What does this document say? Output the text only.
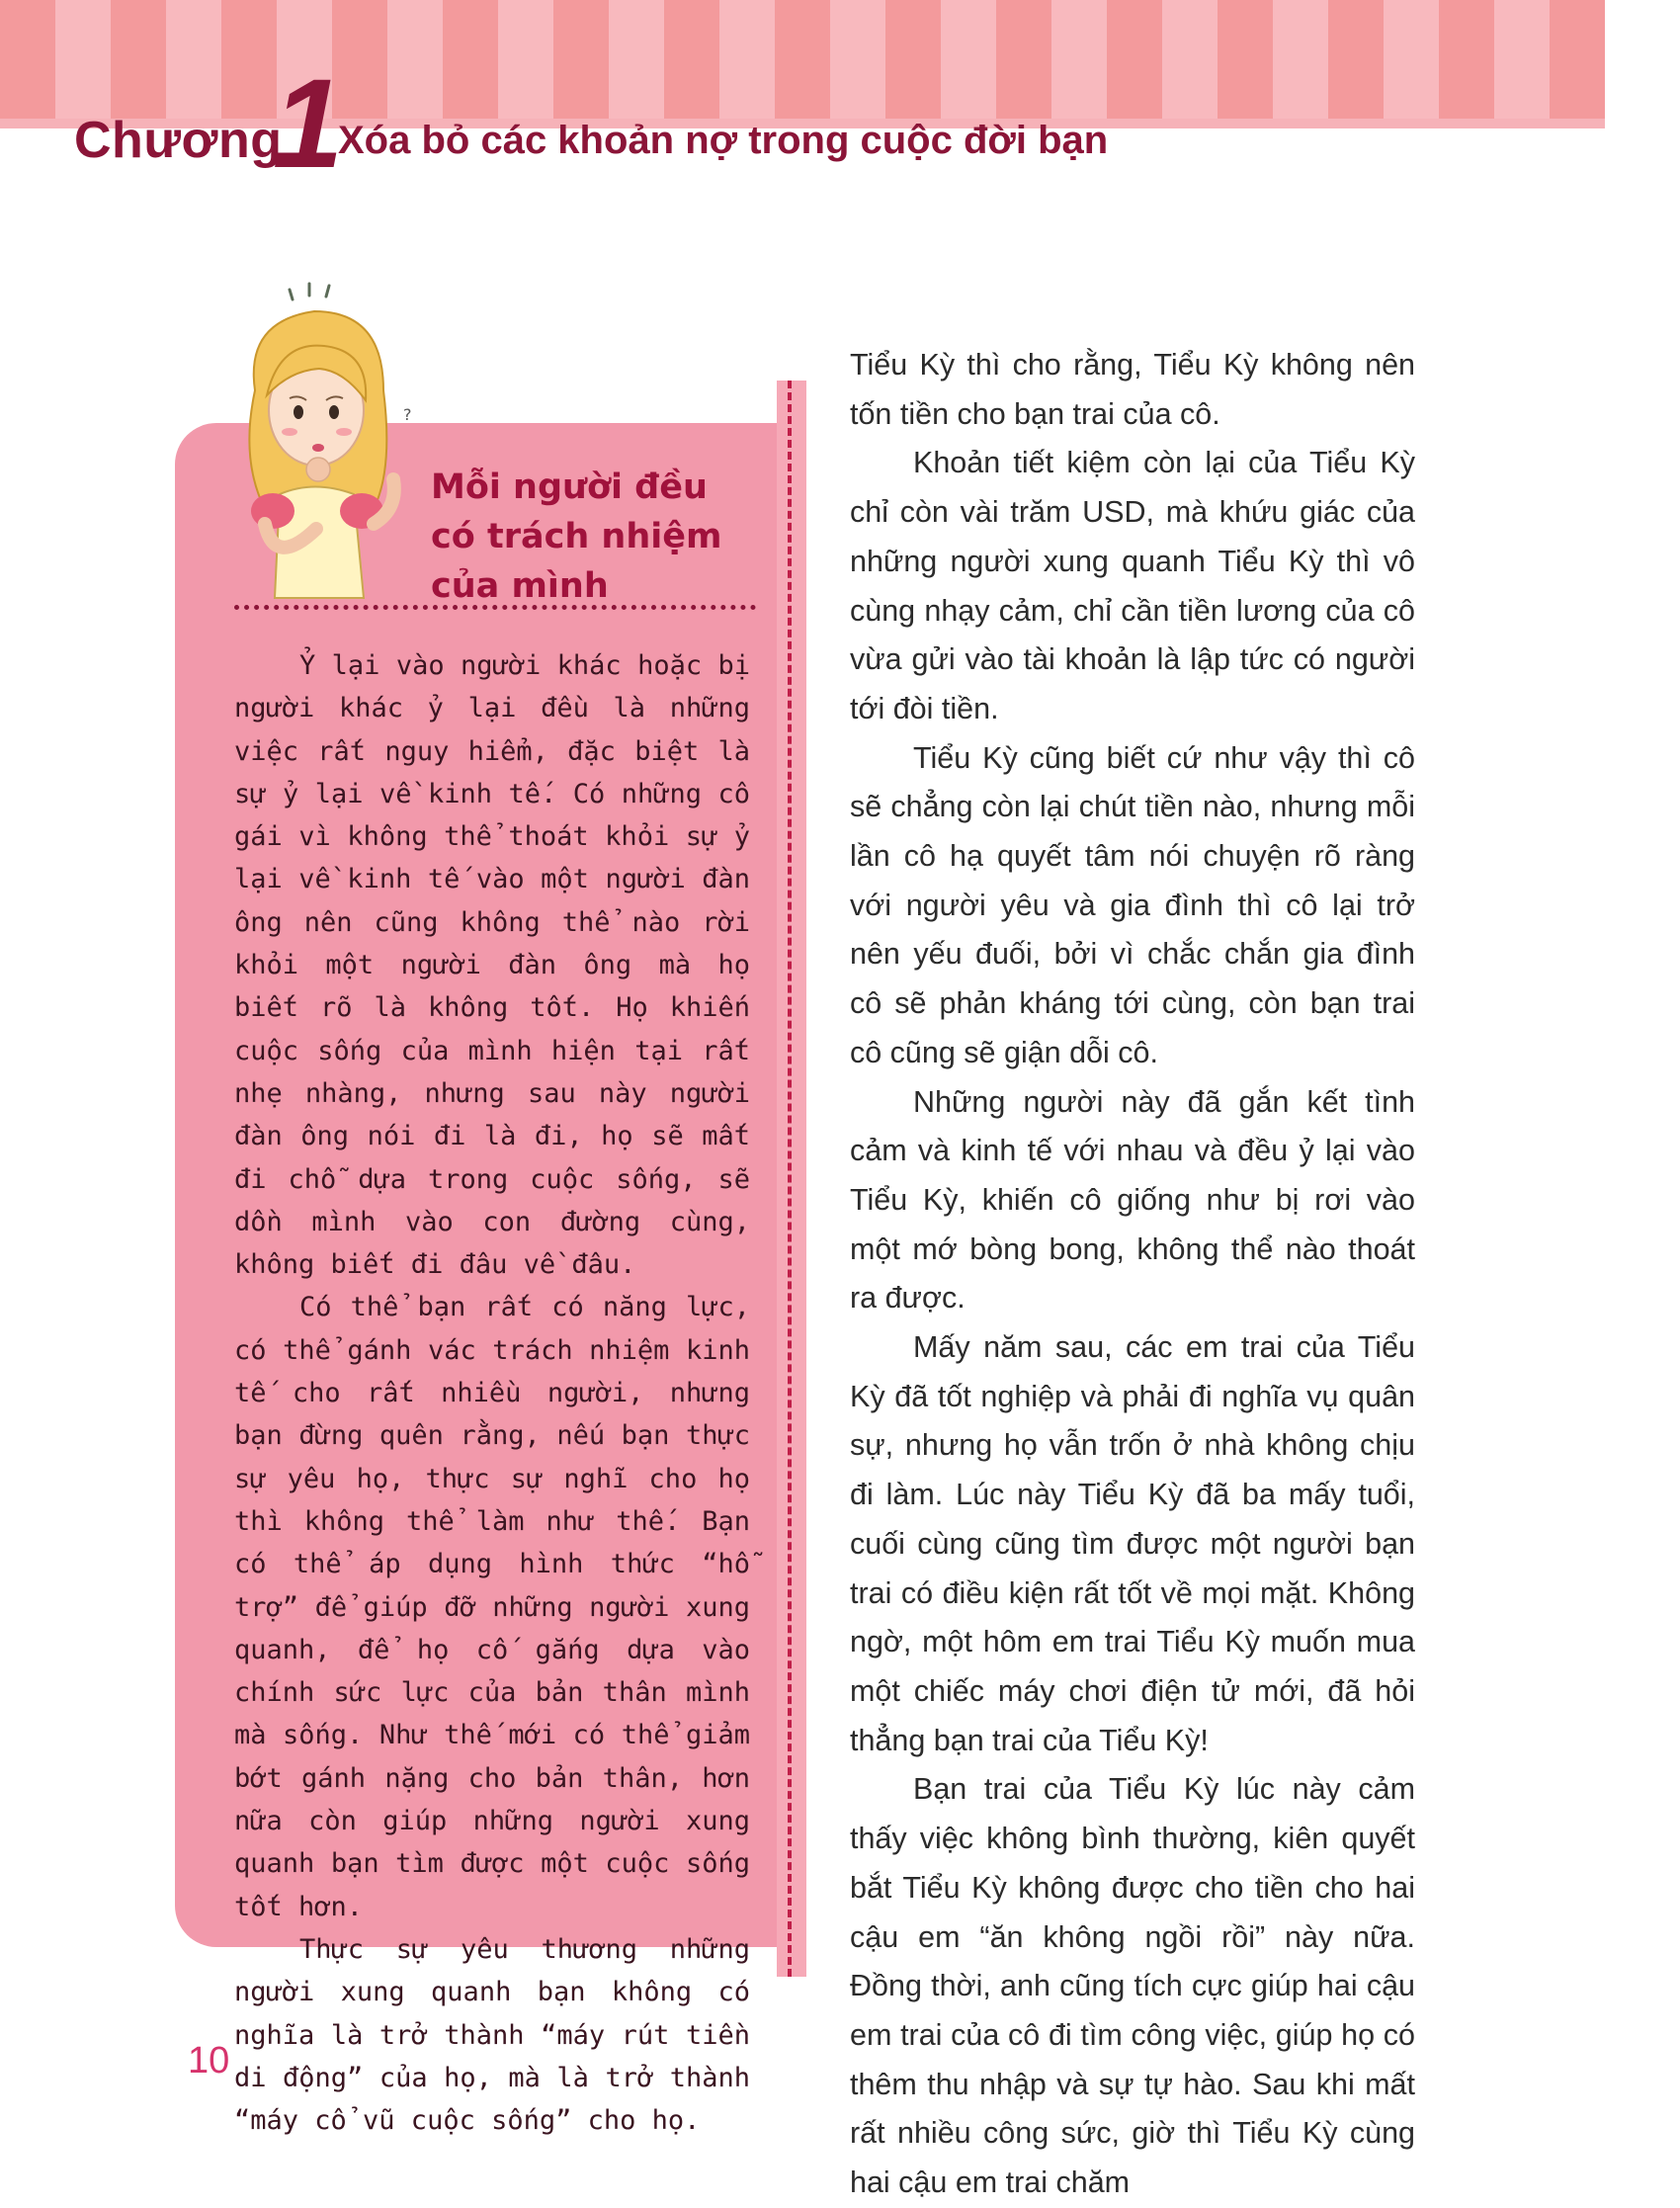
Chương
1
Xóa bỏ các khoản nợ trong cuộc đời bạn
?
Mỗi người đều
có trách nhiệm
của mình

Ỷ lại vào người khác hoặc bị người khác ỷ lại đều là những việc rất nguy hiểm, đặc biệt là sự ỷ lại về kinh tế. Có những cô gái vì không thể thoát khỏi sự ỷ lại về kinh tế vào một người đàn ông nên cũng không thể nào rời khỏi một người đàn ông mà họ biết rõ là không tốt. Họ khiến cuộc sống của mình hiện tại rất nhẹ nhàng, nhưng sau này người đàn ông nói đi là đi, họ sẽ mất đi chỗ dựa trong cuộc sống, sẽ dồn mình vào con đường cùng, không biết đi đâu về đâu.

Có thể bạn rất có năng lực, có thể gánh vác trách nhiệm kinh tế cho rất nhiều người, nhưng bạn đừng quên rằng, nếu bạn thực sự yêu họ, thực sự nghĩ cho họ thì không thể làm như thế. Bạn có thể áp dụng hình thức “hỗ trợ” để giúp đỡ những người xung quanh, để họ cố gắng dựa vào chính sức lực của bản thân mình mà sống. Như thế mới có thể giảm bớt gánh nặng cho bản thân, hơn nữa còn giúp những người xung quanh bạn tìm được một cuộc sống tốt hơn.

Thực sự yêu thương những người xung quanh bạn không có nghĩa là trở thành “máy rút tiền di động” của họ, mà là trở thành “máy cổ vũ cuộc sống” cho họ.

Tiểu Kỳ thì cho rằng, Tiểu Kỳ không nên tốn tiền cho bạn trai của cô.

Khoản tiết kiệm còn lại của Tiểu Kỳ chỉ còn vài trăm USD, mà khứu giác của những người xung quanh Tiểu Kỳ thì vô cùng nhạy cảm, chỉ cần tiền lương của cô vừa gửi vào tài khoản là lập tức có người tới đòi tiền.

Tiểu Kỳ cũng biết cứ như vậy thì cô sẽ chẳng còn lại chút tiền nào, nhưng mỗi lần cô hạ quyết tâm nói chuyện rõ ràng với người yêu và gia đình thì cô lại trở nên yếu đuối, bởi vì chắc chắn gia đình cô sẽ phản kháng tới cùng, còn bạn trai cô cũng sẽ giận dỗi cô.

Những người này đã gắn kết tình cảm và kinh tế với nhau và đều ỷ lại vào Tiểu Kỳ, khiến cô giống như bị rơi vào một mớ bòng bong, không thể nào thoát ra được.

Mấy năm sau, các em trai của Tiểu Kỳ đã tốt nghiệp và phải đi nghĩa vụ quân sự, nhưng họ vẫn trốn ở nhà không chịu đi làm. Lúc này Tiểu Kỳ đã ba mấy tuổi, cuối cùng cũng tìm được một người bạn trai có điều kiện rất tốt về mọi mặt. Không ngờ, một hôm em trai Tiểu Kỳ muốn mua một chiếc máy chơi điện tử mới, đã hỏi thẳng bạn trai của Tiểu Kỳ!

Bạn trai của Tiểu Kỳ lúc này cảm thấy việc không bình thường, kiên quyết bắt Tiểu Kỳ không được cho tiền cho hai cậu em “ăn không ngồi rồi” này nữa. Đồng thời, anh cũng tích cực giúp hai cậu em trai của cô đi tìm công việc, giúp họ có thêm thu nhập và sự tự hào. Sau khi mất rất nhiều công sức, giờ thì Tiểu Kỳ cùng hai cậu em trai chăm

10
